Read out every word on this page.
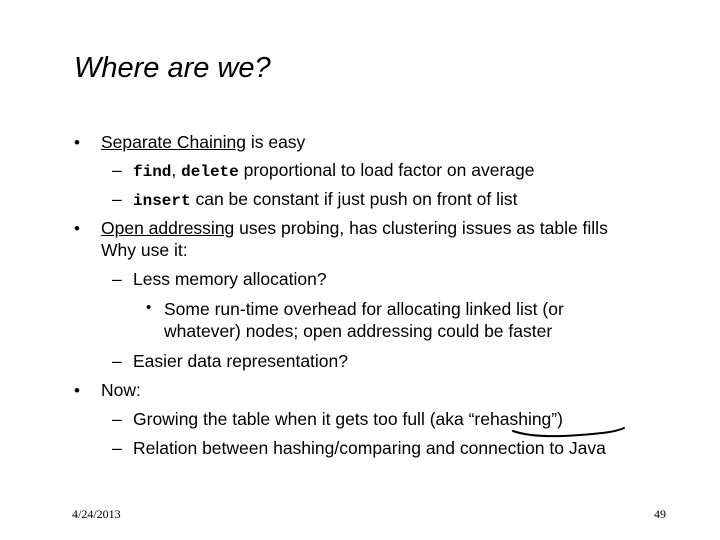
Where are we?
• Separate Chaining is easy
– find, delete proportional to load factor on average
– insert can be constant if just push on front of list
• Open addressing uses probing, has clustering issues as table fills
Why use it:
– Less memory allocation?
• Some run-time overhead for allocating linked list (or
whatever) nodes; open addressing could be faster
– Easier data representation?
• Now:
– Growing the table when it gets too full (aka “rehashing”)
– Relation between hashing/comparing and connection to Java
4/24/2013	49
